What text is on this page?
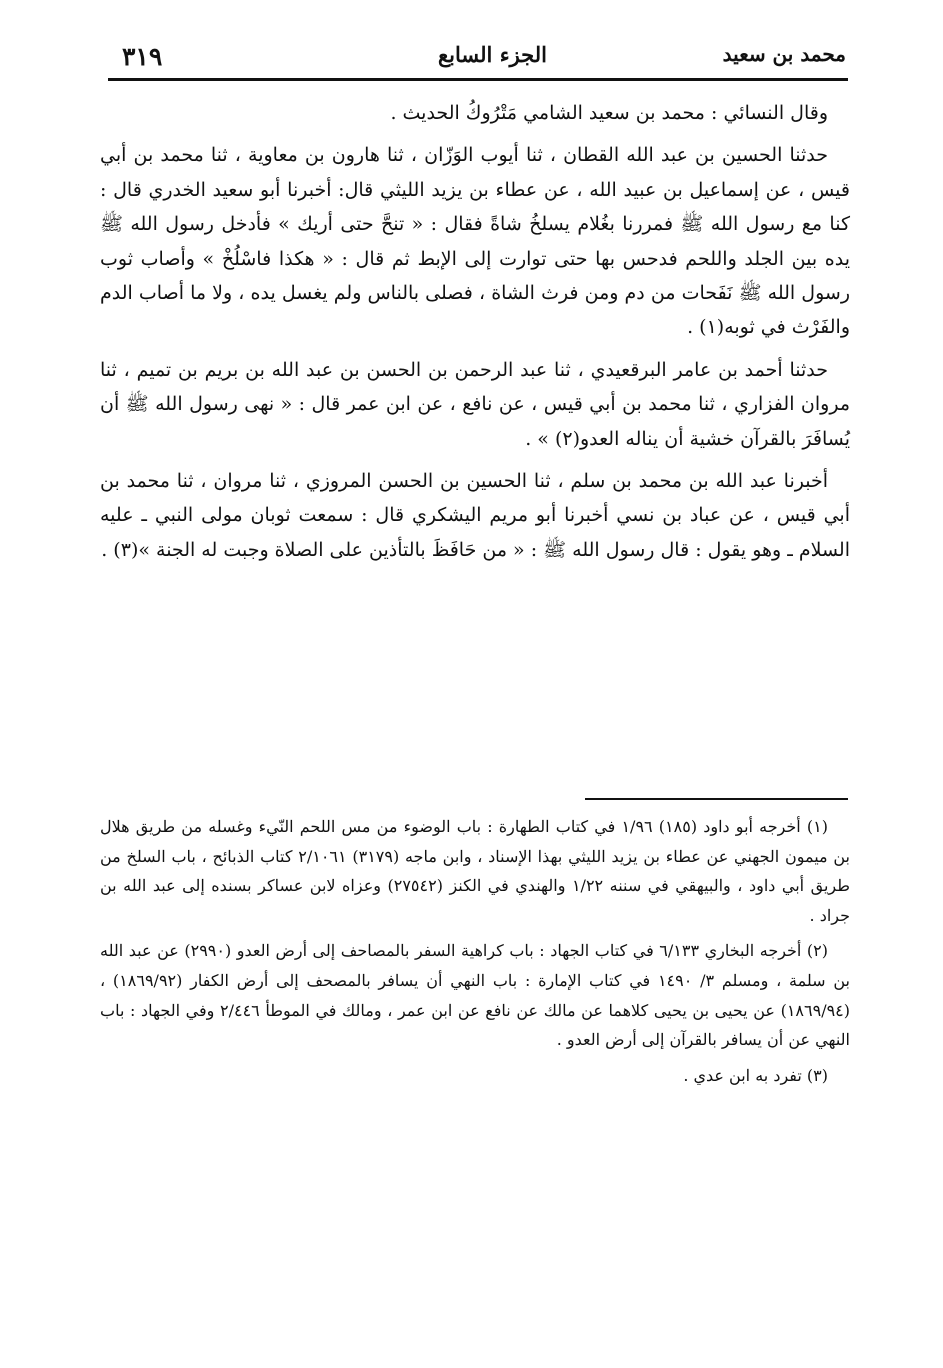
٣١٩	الجزء السابع	محمد بن سعيد

وقال النسائي : محمد بن سعيد الشامي مَتْرُوكُ الحديث .

حدثنا الحسين بن عبد الله القطان ، ثنا أيوب الوَزّان ، ثنا هارون بن معاوية ، ثنا محمد بن أبي قيس ، عن إسماعيل بن عبيد الله ، عن عطاء بن يزيد الليثي قال: أخبرنا أبو سعيد الخدري قال : كنا مع رسول الله ﷺ فمررنا بغُلام يسلخُ شاةً فقال : « تنحَّ حتى أريك » فأدخل رسول الله ﷺ يده بين الجلد واللحم فدحس بها حتى توارت إلى الإبط ثم قال : « هكذا فاسْلُخْ » وأصاب ثوب رسول الله ﷺ نَفَحات من دم ومن فرث الشاة ، فصلى بالناس ولم يغسل يده ، ولا ما أصاب الدم والفَرْث في ثوبه(١) .

حدثنا أحمد بن عامر البرقعيدي ، ثنا عبد الرحمن بن الحسن بن عبد الله بن بريم بن تميم ، ثنا مروان الفزاري ، ثنا محمد بن أبي قيس ، عن نافع ، عن ابن عمر قال : « نهى رسول الله ﷺ أن يُسافَرَ بالقرآن خشية أن يناله العدو(٢) » .

أخبرنا عبد الله بن محمد بن سلم ، ثنا الحسين بن الحسن المروزي ، ثنا مروان ، ثنا محمد بن أبي قيس ، عن عباد بن نسي أخبرنا أبو مريم اليشكري قال : سمعت ثوبان مولى النبي ـ عليه السلام ـ وهو يقول : قال رسول الله ﷺ : « من حَافَظَ بالتأذين على الصلاة وجبت له الجنة »(٣) .

(١) أخرجه أبو داود (١٨٥) ١/٩٦ في كتاب الطهارة : باب الوضوء من مس اللحم النّيء وغسله من طريق هلال بن ميمون الجهني عن عطاء بن يزيد الليثي بهذا الإسناد ، وابن ماجه (٣١٧٩) ٢/١٠٦١ كتاب الذبائح ، باب السلخ من طريق أبي داود ، والبيهقي في سننه ١/٢٢ والهندي في الكنز (٢٧٥٤٢) وعزاه لابن عساكر بسنده إلى عبد الله بن جراد .

(٢) أخرجه البخاري ٦/١٣٣ في كتاب الجهاد : باب كراهية السفر بالمصاحف إلى أرض العدو (٢٩٩٠) عن عبد الله بن سلمة ، ومسلم ٣/ ١٤٩٠ في كتاب الإمارة : باب النهي أن يسافر بالمصحف إلى أرض الكفار (١٨٦٩/٩٢) ، (١٨٦٩/٩٤) عن يحيى بن يحيى كلاهما عن مالك عن نافع عن ابن عمر ، ومالك في الموطأ ٢/٤٤٦ وفي الجهاد : باب النهي عن أن يسافر بالقرآن إلى أرض العدو .

(٣) تفرد به ابن عدي .
